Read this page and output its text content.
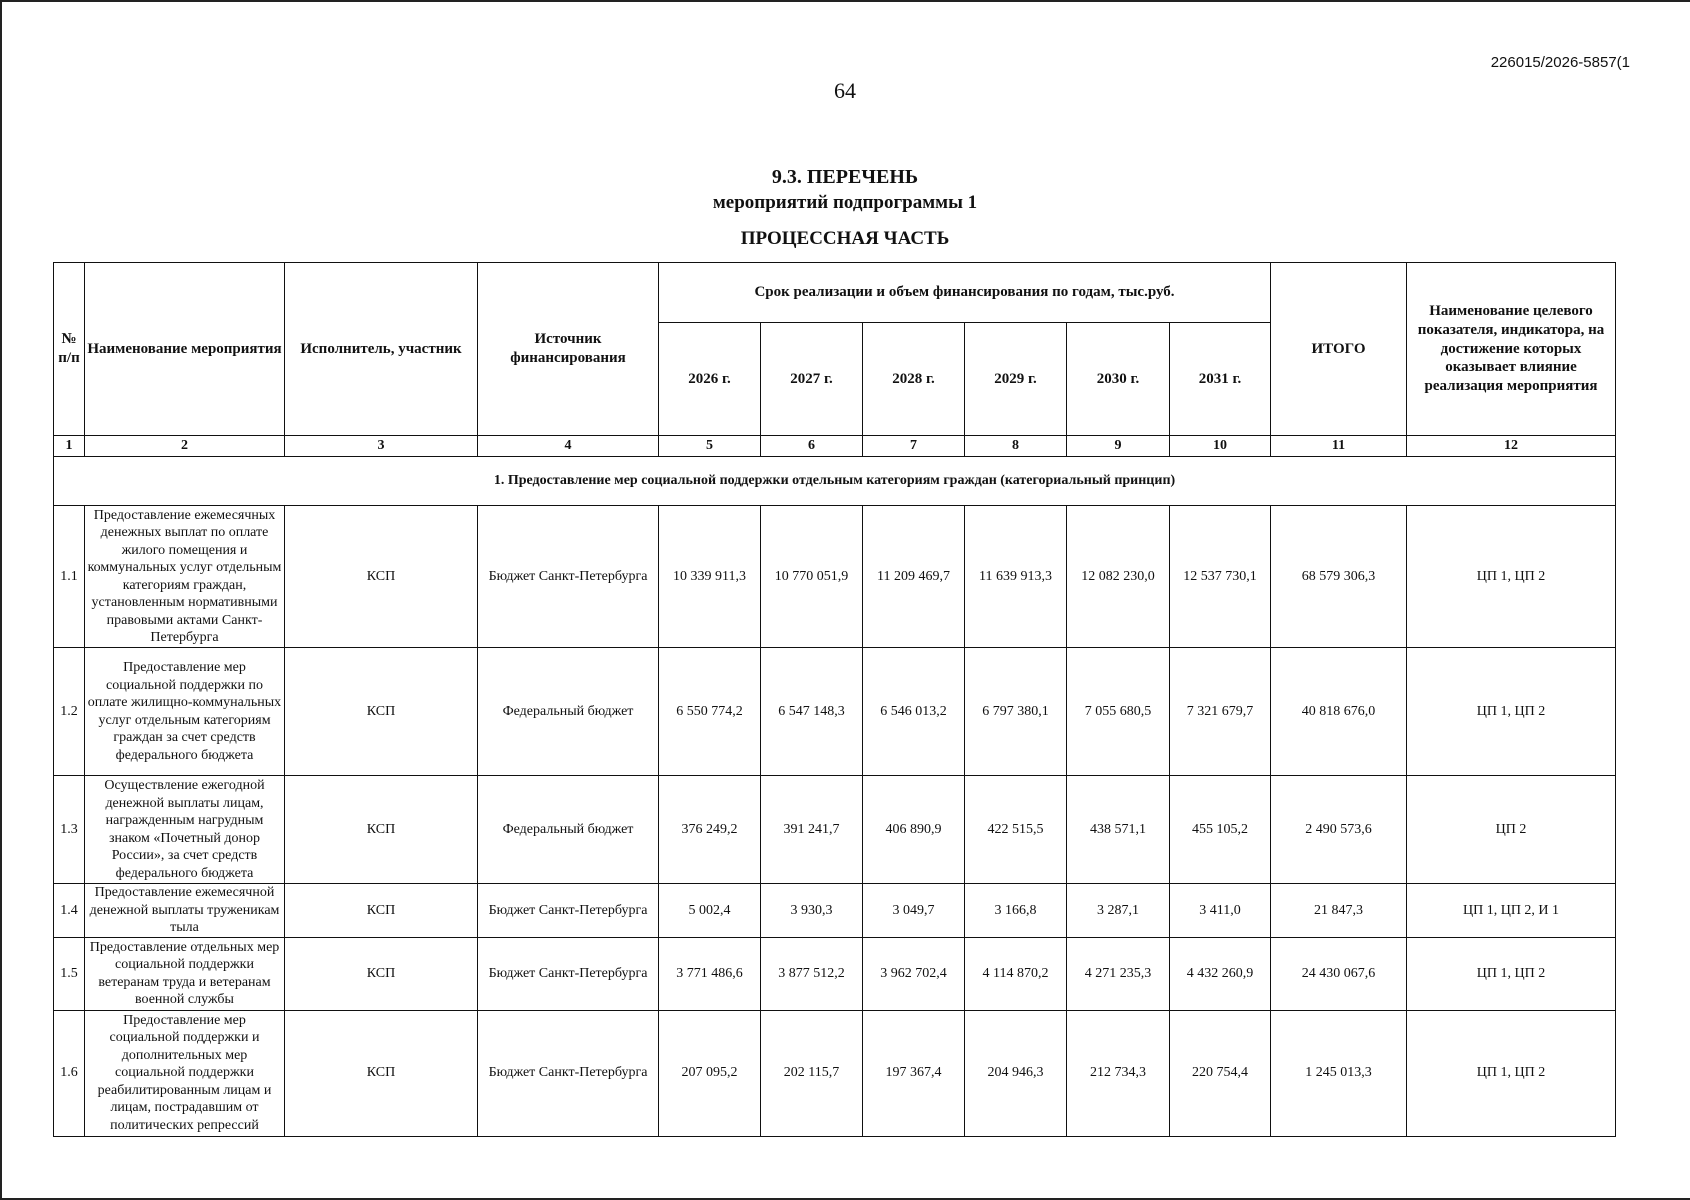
226015/2026-5857(1
64
9.3. ПЕРЕЧЕНЬ
мероприятий подпрограммы 1
ПРОЦЕССНАЯ ЧАСТЬ
№ п/п	Наименование мероприятия	Исполнитель, участник	Источник финансирования	Срок реализации и объем финансирования по годам, тыс.руб.						ИТОГО	Наименование целевого показателя, индикатора, на достижение которых оказывает влияние реализация мероприятия
				2026 г.	2027 г.	2028 г.	2029 г.	2030 г.	2031 г.		
1	2	3	4	5	6	7	8	9	10	11	12
1. Предоставление мер социальной поддержки отдельным категориям граждан (категориальный принцип)											
1.1	Предоставление ежемесячных денежных выплат по оплате жилого помещения и коммунальных услуг отдельным категориям граждан, установленным нормативными правовыми актами Санкт-Петербурга	КСП	Бюджет Санкт-Петербурга	10 339 911,3	10 770 051,9	11 209 469,7	11 639 913,3	12 082 230,0	12 537 730,1	68 579 306,3	ЦП 1, ЦП 2
1.2	Предоставление мер социальной поддержки по оплате жилищно-коммунальных услуг отдельным категориям граждан за счет средств федерального бюджета	КСП	Федеральный бюджет	6 550 774,2	6 547 148,3	6 546 013,2	6 797 380,1	7 055 680,5	7 321 679,7	40 818 676,0	ЦП 1, ЦП 2
1.3	Осуществление ежегодной денежной выплаты лицам, награжденным нагрудным знаком «Почетный донор России», за счет средств федерального бюджета	КСП	Федеральный бюджет	376 249,2	391 241,7	406 890,9	422 515,5	438 571,1	455 105,2	2 490 573,6	ЦП 2
1.4	Предоставление ежемесячной денежной выплаты труженикам тыла	КСП	Бюджет Санкт-Петербурга	5 002,4	3 930,3	3 049,7	3 166,8	3 287,1	3 411,0	21 847,3	ЦП 1, ЦП 2, И 1
1.5	Предоставление отдельных мер социальной поддержки ветеранам труда и ветеранам военной службы	КСП	Бюджет Санкт-Петербурга	3 771 486,6	3 877 512,2	3 962 702,4	4 114 870,2	4 271 235,3	4 432 260,9	24 430 067,6	ЦП 1, ЦП 2
1.6	Предоставление мер социальной поддержки и дополнительных мер социальной поддержки реабилитированным лицам и лицам, пострадавшим от политических репрессий	КСП	Бюджет Санкт-Петербурга	207 095,2	202 115,7	197 367,4	204 946,3	212 734,3	220 754,4	1 245 013,3	ЦП 1, ЦП 2
